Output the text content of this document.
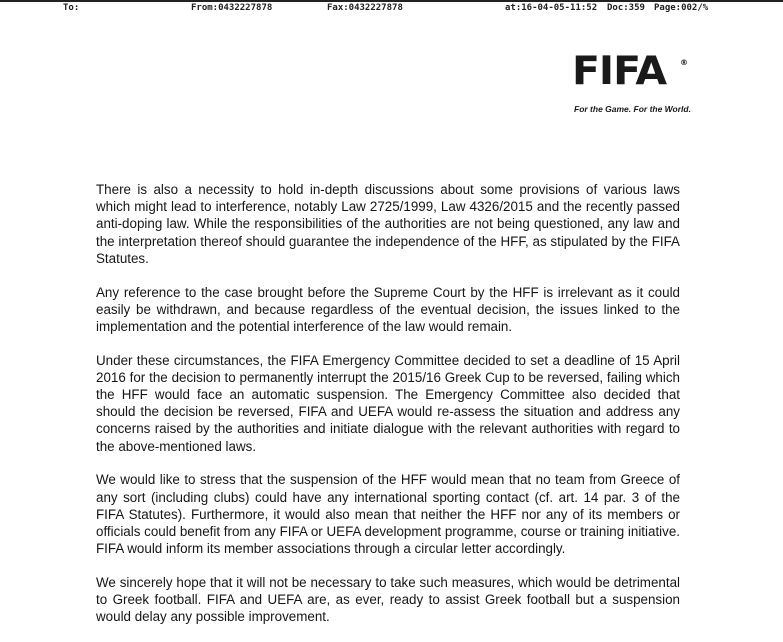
To:	From:0432227878	Fax:0432227878	at:16-04-05-11:52 Doc:359 Page:002/%
FIFA	®
For the Game. For the World.

There is also a necessity to hold in-depth discussions about some provisions of various laws which might lead to interference, notably Law 2725/1999, Law 4326/2015 and the recently passed anti-doping law. While the responsibilities of the authorities are not being questioned, any law and the interpretation thereof should guarantee the independence of the HFF, as stipulated by the FIFA Statutes.

Any reference to the case brought before the Supreme Court by the HFF is irrelevant as it could easily be withdrawn, and because regardless of the eventual decision, the issues linked to the implementation and the potential interference of the law would remain.

Under these circumstances, the FIFA Emergency Committee decided to set a deadline of 15 April 2016 for the decision to permanently interrupt the 2015/16 Greek Cup to be reversed, failing which the HFF would face an automatic suspension. The Emergency Committee also decided that should the decision be reversed, FIFA and UEFA would re-assess the situation and address any concerns raised by the authorities and initiate dialogue with the relevant authorities with regard to the above-mentioned laws.

We would like to stress that the suspension of the HFF would mean that no team from Greece of any sort (including clubs) could have any international sporting contact (cf. art. 14 par. 3 of the FIFA Statutes). Furthermore, it would also mean that neither the HFF nor any of its members or officials could benefit from any FIFA or UEFA development programme, course or training initiative. FIFA would inform its member associations through a circular letter accordingly.

We sincerely hope that it will not be necessary to take such measures, which would be detrimental to Greek football. FIFA and UEFA are, as ever, ready to assist Greek football but a suspension would delay any possible improvement.
